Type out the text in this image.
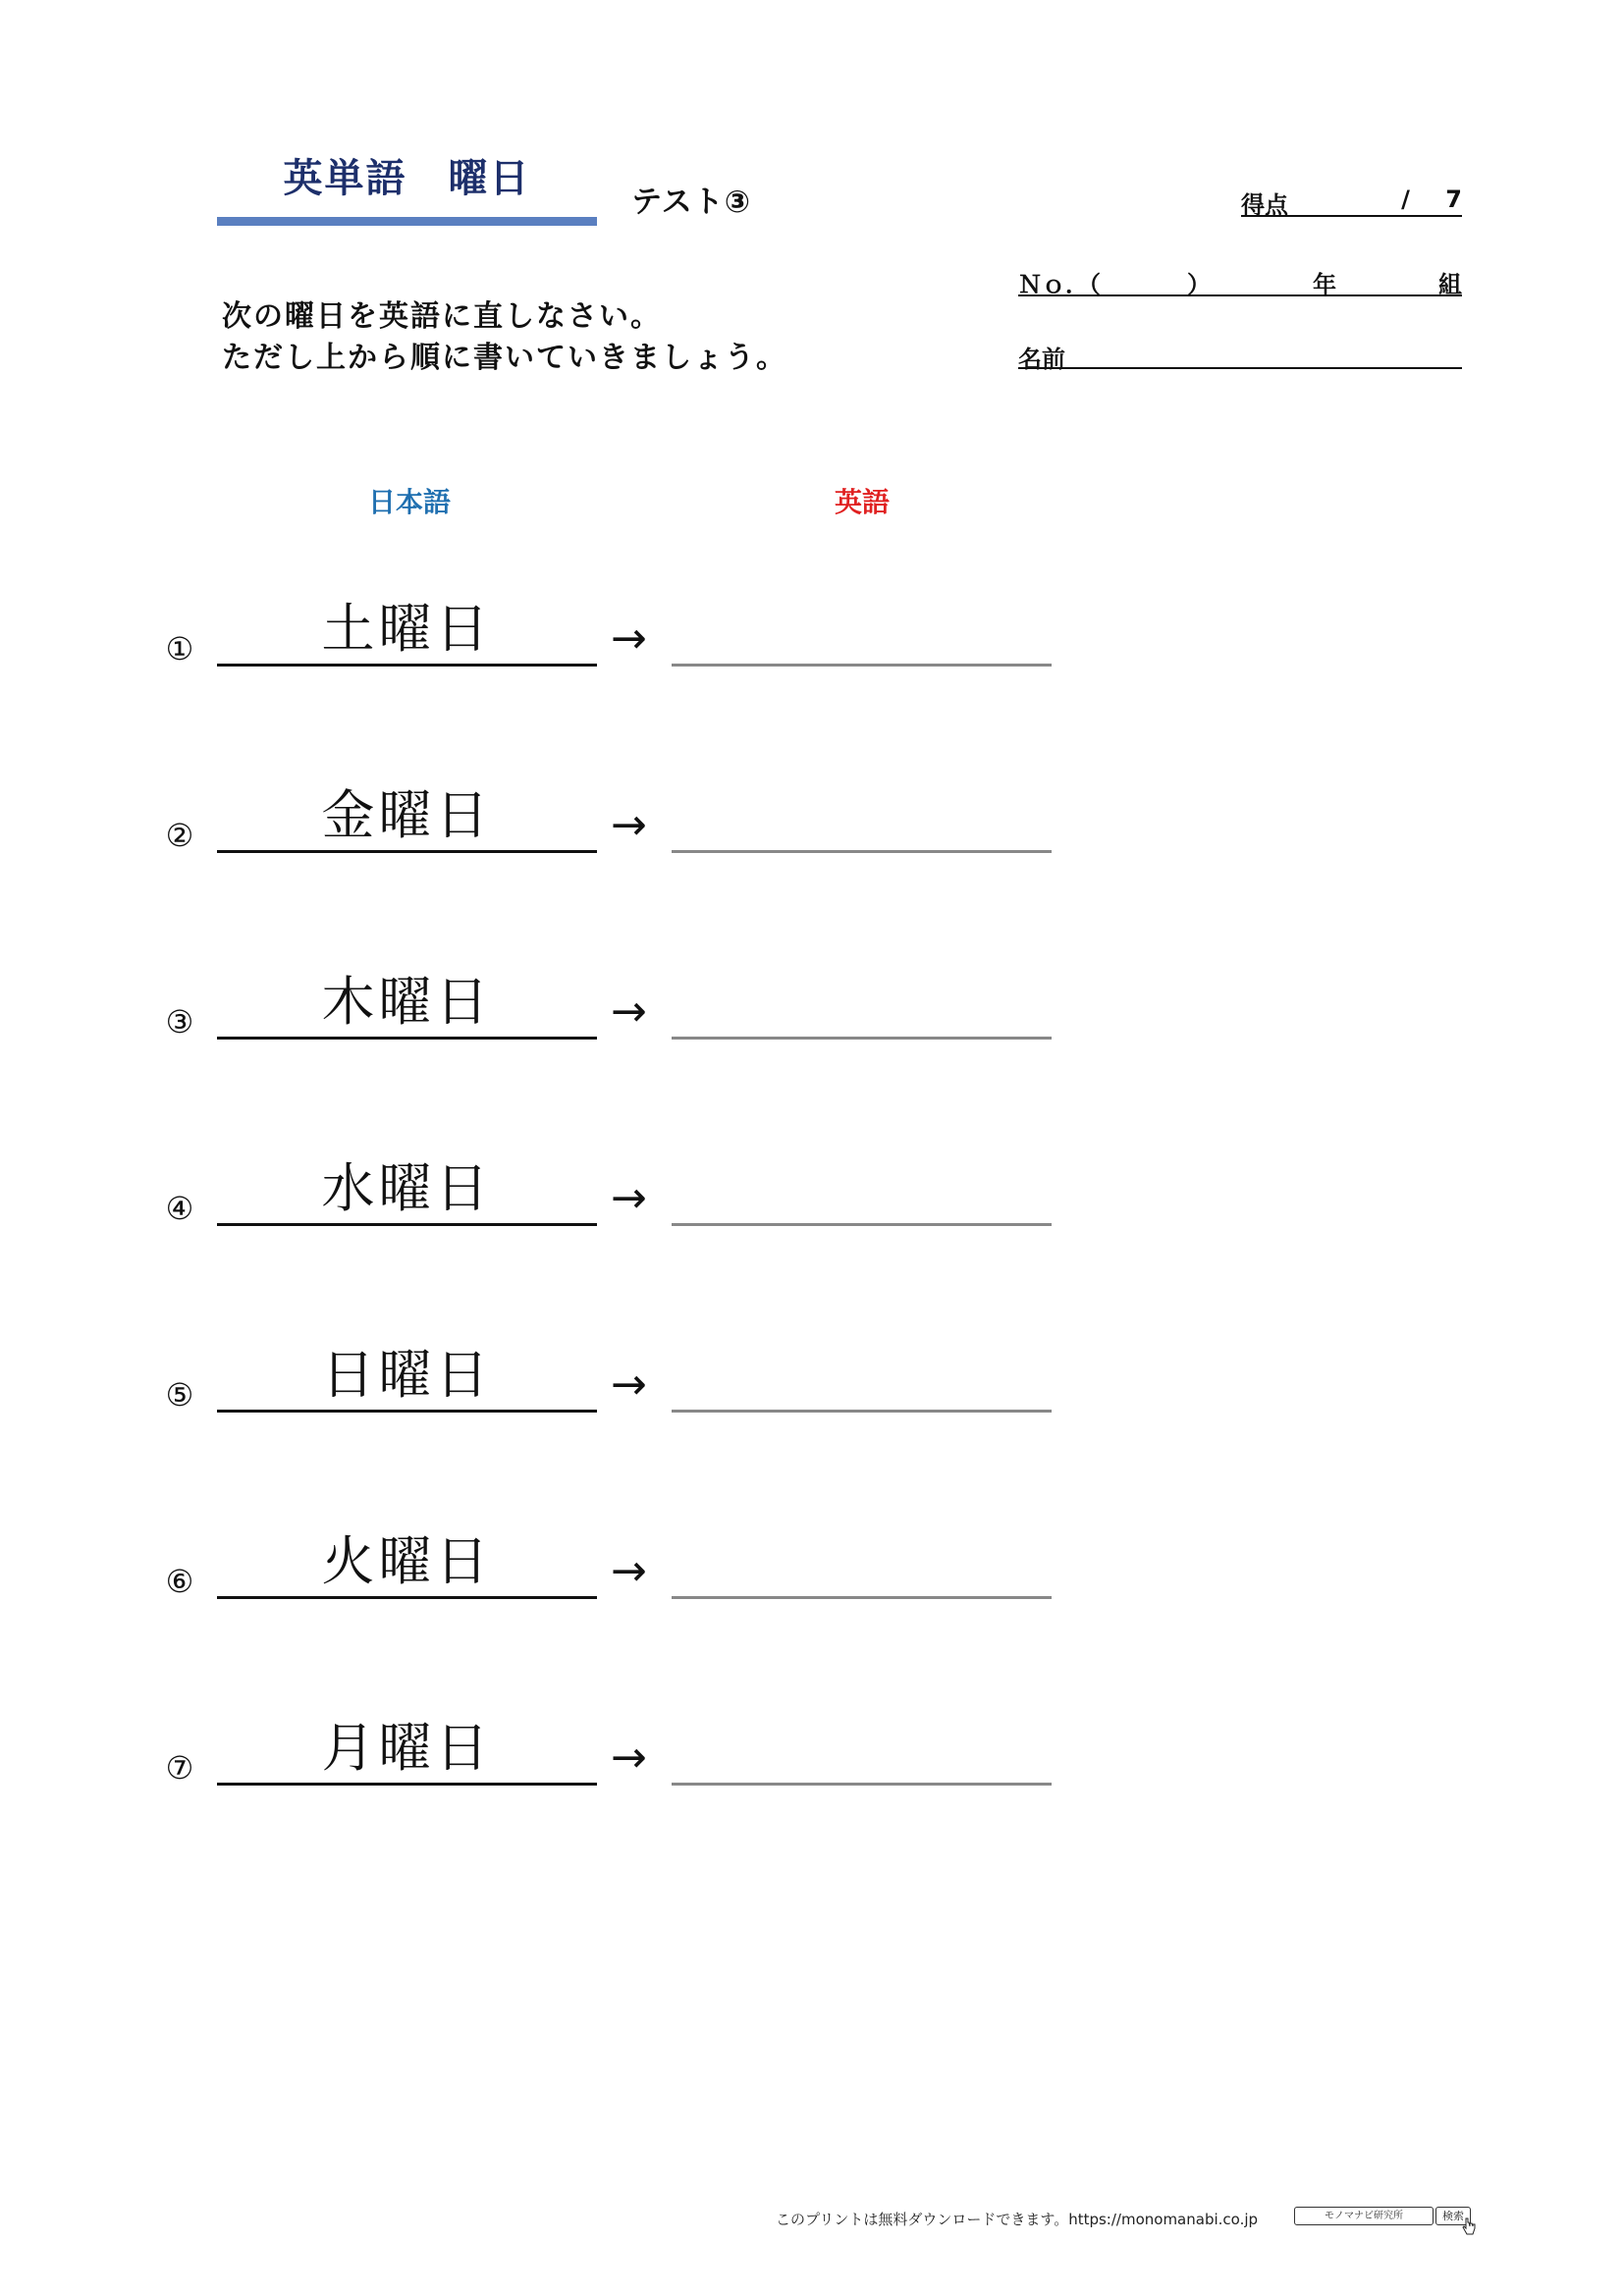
英単語　曜日
テスト③	得点	/ 7
Ｎｏ．（	）	年	組
名前
次の曜日を英語に直しなさい。
ただし上から順に書いていきましょう。
日本語	英語
①	土曜日	→
②	金曜日	→
③	木曜日	→
④	水曜日	→
⑤	日曜日	→
⑥	火曜日	→
⑦	月曜日	→
このプリントは無料ダウンロードできます。https://monomanabi.co.jp	モノマナビ研究所	検索
